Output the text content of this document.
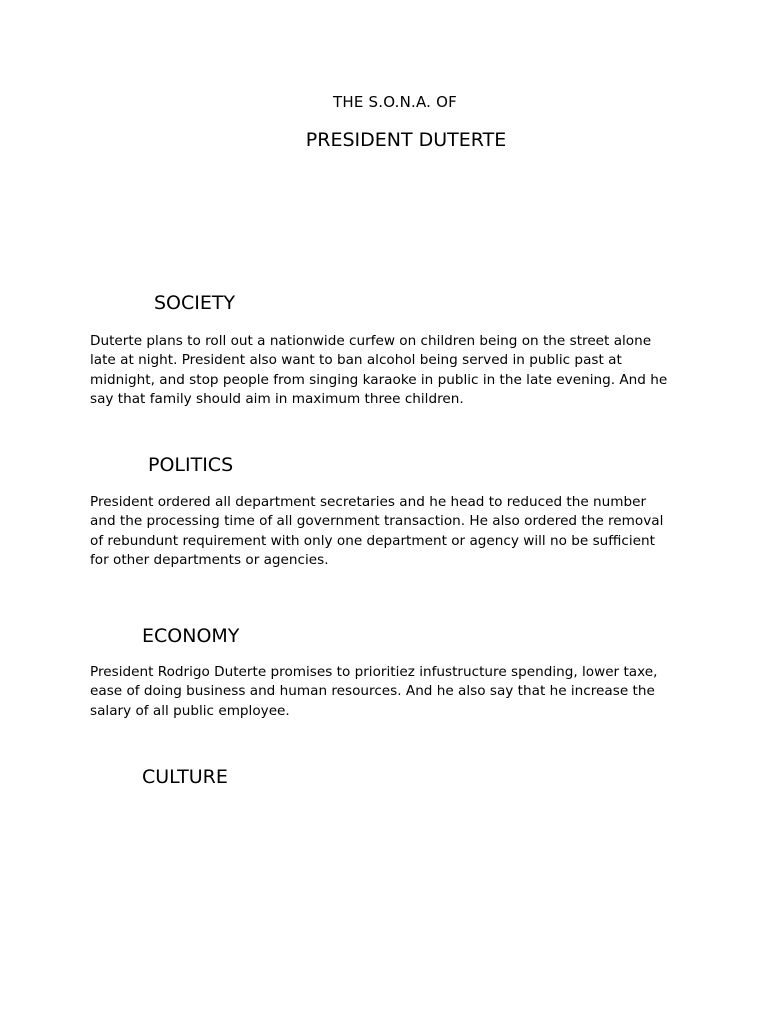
THE S.O.N.A. OF
PRESIDENT DUTERTE
SOCIETY

Duterte plans to roll out a nationwide curfew on children being on the street alone
late at night. President also want to ban alcohol being served in public past at
midnight, and stop people from singing karaoke in public in the late evening. And he
say that family should aim in maximum three children.

POLITICS

President ordered all department secretaries and he head to reduced the number
and the processing time of all government transaction. He also ordered the removal
of rebundunt requirement with only one department or agency will no be sufficient
for other departments or agencies.

ECONOMY

President Rodrigo Duterte promises to prioritiez infustructure spending, lower taxe,
ease of doing business and human resources. And he also say that he increase the
salary of all public employee.

CULTURE
